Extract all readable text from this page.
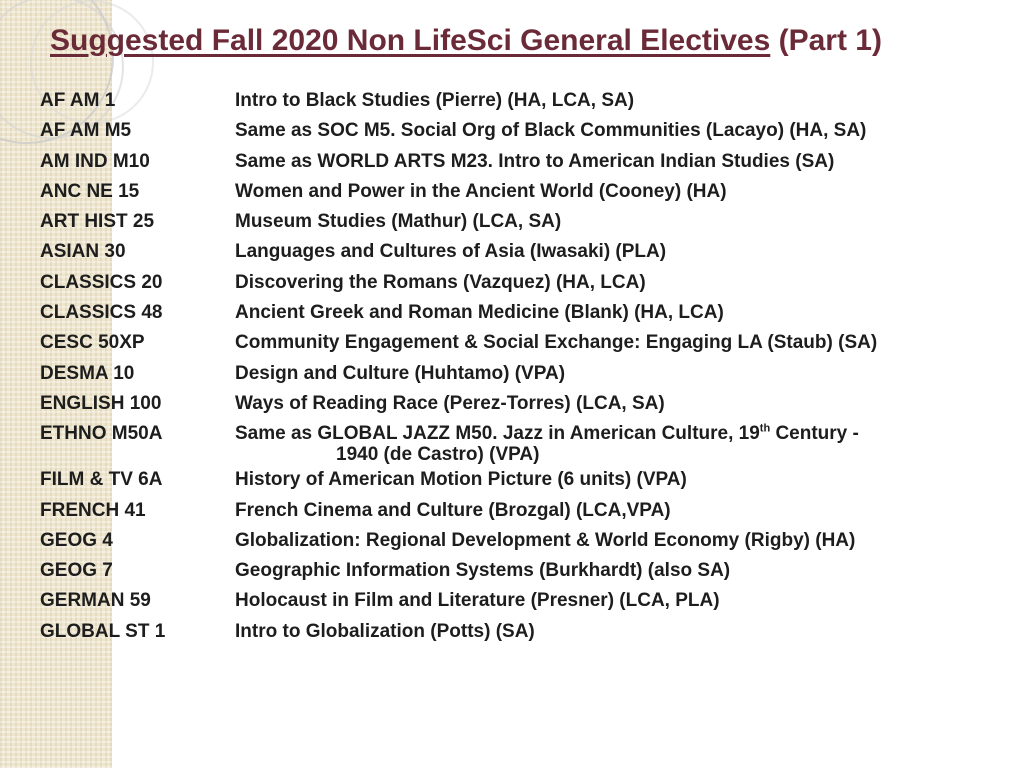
Suggested Fall 2020 Non LifeSci General Electives (Part 1)
AF AM 1	Intro to Black Studies (Pierre) (HA, LCA, SA)
AF AM M5	Same as SOC M5. Social Org of Black Communities (Lacayo) (HA, SA)
AM IND M10	Same as WORLD ARTS M23. Intro to American Indian Studies (SA)
ANC NE 15	Women and Power in the Ancient World (Cooney) (HA)
ART HIST 25	Museum Studies (Mathur) (LCA, SA)
ASIAN 30	Languages and Cultures of Asia (Iwasaki) (PLA)
CLASSICS 20	Discovering the Romans (Vazquez) (HA, LCA)
CLASSICS 48	Ancient Greek and Roman Medicine (Blank) (HA, LCA)
CESC 50XP	Community Engagement & Social Exchange: Engaging LA (Staub) (SA)
DESMA 10	Design and Culture (Huhtamo) (VPA)
ENGLISH 100	Ways of Reading Race (Perez-Torres) (LCA, SA)
ETHNO M50A	Same as GLOBAL JAZZ M50. Jazz in American Culture, 19th Century -
1940 (de Castro) (VPA)
FILM & TV 6A	History of American Motion Picture (6 units) (VPA)
FRENCH 41	French Cinema and Culture (Brozgal) (LCA,VPA)
GEOG 4	Globalization: Regional Development & World Economy (Rigby) (HA)
GEOG 7	Geographic Information Systems (Burkhardt) (also SA)
GERMAN 59	Holocaust in Film and Literature (Presner) (LCA, PLA)
GLOBAL ST 1	Intro to Globalization (Potts) (SA)
